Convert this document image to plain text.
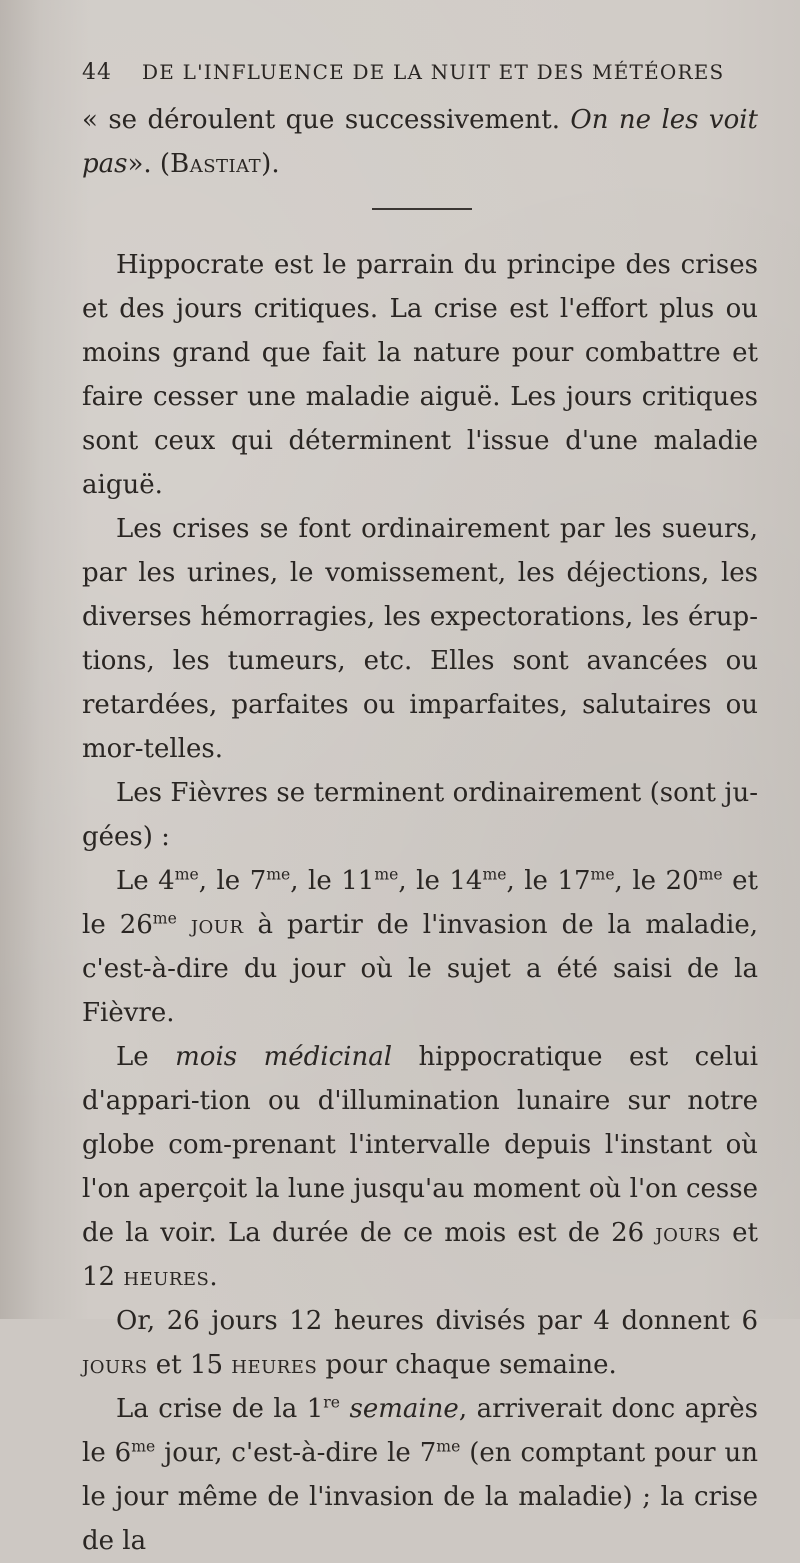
44 DE L'INFLUENCE DE LA NUIT ET DES MÉTÉORES

« se déroulent que successivement. On ne les voit pas». (Bastiat).

Hippocrate est le parrain du principe des crises et des jours critiques. La crise est l'effort plus ou moins grand que fait la nature pour combattre et faire cesser une maladie aiguë. Les jours critiques sont ceux qui déterminent l'issue d'une maladie aiguë.

Les crises se font ordinairement par les sueurs, par les urines, le vomissement, les déjections, les diverses hémorragies, les expectorations, les érup-tions, les tumeurs, etc. Elles sont avancées ou retardées, parfaites ou imparfaites, salutaires ou mor-telles.

Les Fièvres se terminent ordinairement (sont ju-gées) :

Le $4^{me}$, le $7^{me}$, le $11^{me}$, le $14^{me}$, le $17^{me}$, le $20^{me}$ et le $26^{me}$ jour à partir de l'invasion de la maladie, c'est-à-dire du jour où le sujet a été saisi de la Fièvre.

Le mois médicinal hippocratique est celui d'appari-tion ou d'illumination lunaire sur notre globe com-prenant l'intervalle depuis l'instant où l'on aperçoit la lune jusqu'au moment où l'on cesse de la voir. La durée de ce mois est de 26 jours et 12 heures.

Or, 26 jours 12 heures divisés par 4 donnent 6 jours et 15 heures pour chaque semaine.

La crise de la 1re semaine, arriverait donc après le $6^{me}$ jour, c'est-à-dire le $7^{me}$ (en comptant pour un le jour même de l'invasion de la maladie) ; la crise de la
